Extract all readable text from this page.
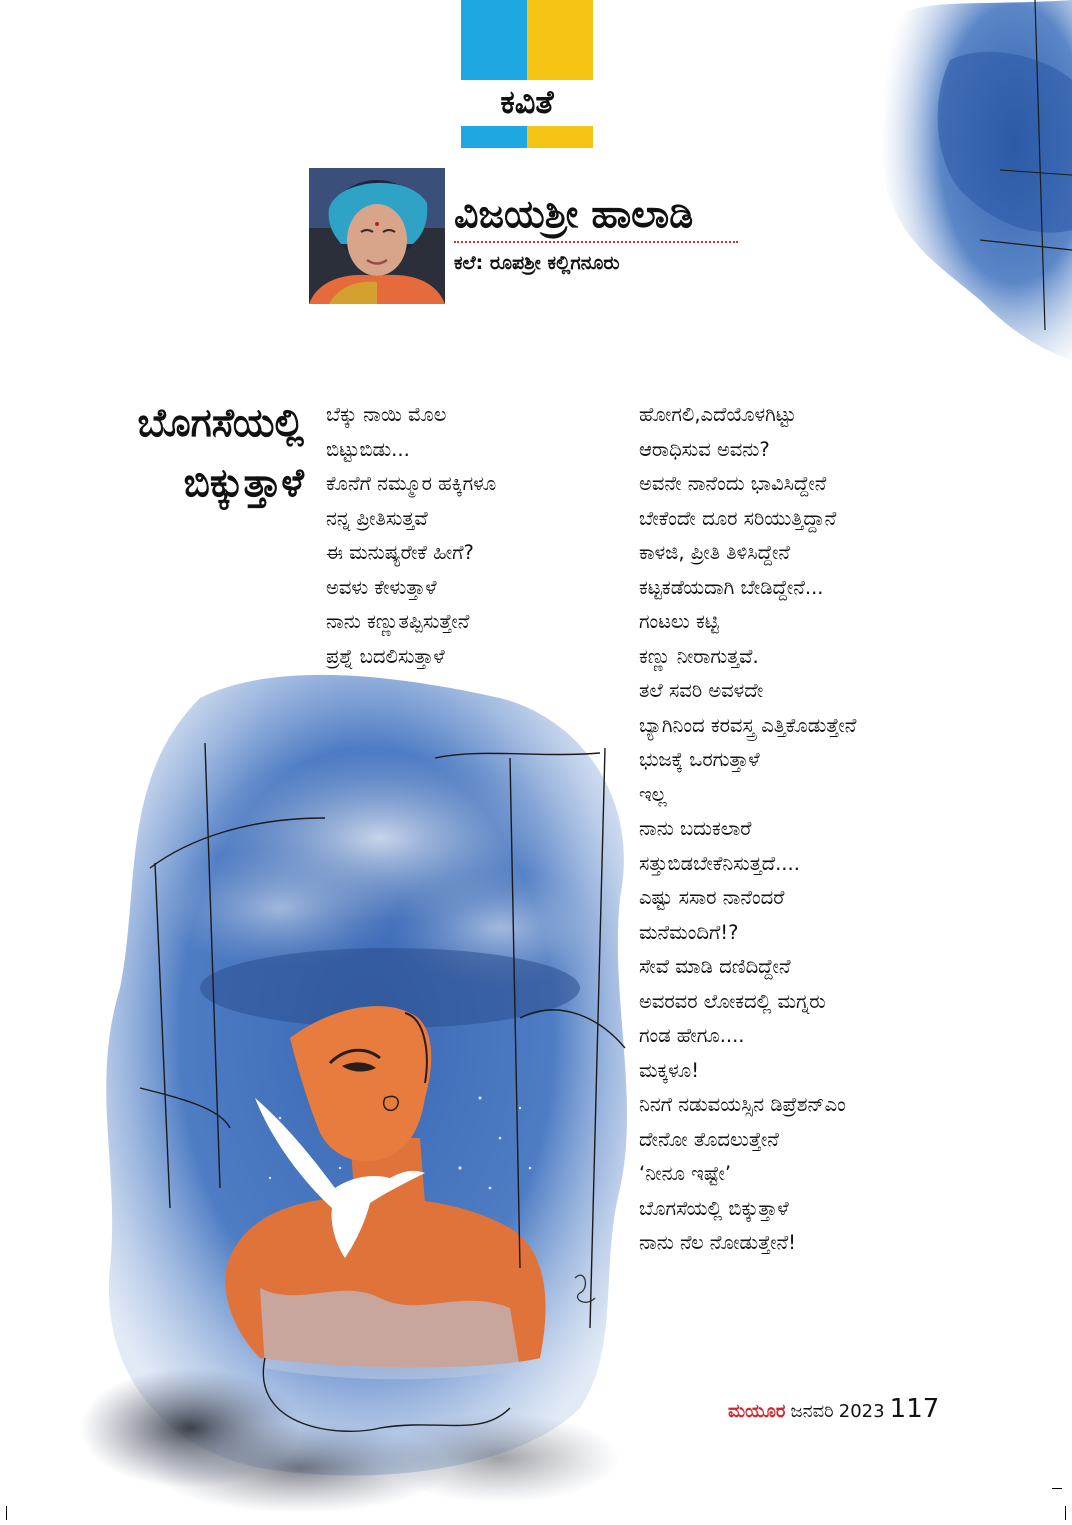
ಕವಿತೆ
ವಿಜಯಶ್ರೀ ಹಾಲಾಡಿ
ಕಲೆ: ರೂಪಶ್ರೀ ಕಲ್ಲಿಗನೂರು
ಬೊಗಸೆಯಲ್ಲಿ
ಬಿಕ್ಕುತ್ತಾಳೆ
ಬೆಕ್ಕು ನಾಯಿ ಮೊಲ
ಬಿಟ್ಟುಬಿಡು...
ಕೊನೆಗೆ ನಮ್ಮೂರ ಹಕ್ಕಿಗಳೂ
ನನ್ನ ಪ್ರೀತಿಸುತ್ತವೆ
ಈ ಮನುಷ್ಯರೇಕೆ ಹೀಗೆ?
ಅವಳು ಕೇಳುತ್ತಾಳೆ
ನಾನು ಕಣ್ಣುತಪ್ಪಿಸುತ್ತೇನೆ
ಪ್ರಶ್ನೆ ಬದಲಿಸುತ್ತಾಳೆ
ಹೋಗಲಿ,ಎದೆಯೊಳಗಿಟ್ಟು
ಆರಾಧಿಸುವ ಅವನು?
ಅವನೇ ನಾನೆಂದು ಭಾವಿಸಿದ್ದೇನೆ
ಬೇಕೆಂದೇ ದೂರ ಸರಿಯುತ್ತಿದ್ದಾನೆ
ಕಾಳಜಿ, ಪ್ರೀತಿ ತಿಳಿಸಿದ್ದೇನೆ
ಕಟ್ಟಕಡೆಯದಾಗಿ ಬೇಡಿದ್ದೇನೆ...
ಗಂಟಲು ಕಟ್ಟಿ
ಕಣ್ಣು ನೀರಾಗುತ್ತವೆ.
ತಲೆ ಸವರಿ ಅವಳದೇ
ಬ್ಯಾಗಿನಿಂದ ಕರವಸ್ತ್ರ ಎತ್ತಿಕೊಡುತ್ತೇನೆ
ಭುಜಕ್ಕೆ ಒರಗುತ್ತಾಳೆ
ಇಲ್ಲ
ನಾನು ಬದುಕಲಾರೆ
ಸತ್ತುಬಿಡಬೇಕೆನಿಸುತ್ತದೆ....
ಎಷ್ಟು ಸಸಾರ ನಾನೆಂದರೆ
ಮನೆಮಂದಿಗೆ!?
ಸೇವೆ ಮಾಡಿ ದಣಿದಿದ್ದೇನೆ
ಅವರವರ ಲೋಕದಲ್ಲಿ ಮಗ್ನರು
ಗಂಡ ಹೇಗೂ....
ಮಕ್ಕಳೂ!
ನಿನಗೆ ನಡುವಯಸ್ಸಿನ ಡಿಪ್ರೆಶನ್ಎಂ
ದೇನೋ ತೊದಲುತ್ತೇನೆ
‘ನೀನೂ ಇಷ್ಟೇ’
ಬೊಗಸೆಯಲ್ಲಿ ಬಿಕ್ಕುತ್ತಾಳೆ
ನಾನು ನೆಲ ನೋಡುತ್ತೇನೆ!
ಮಯೂರ ಜನವರಿ 2023 117
